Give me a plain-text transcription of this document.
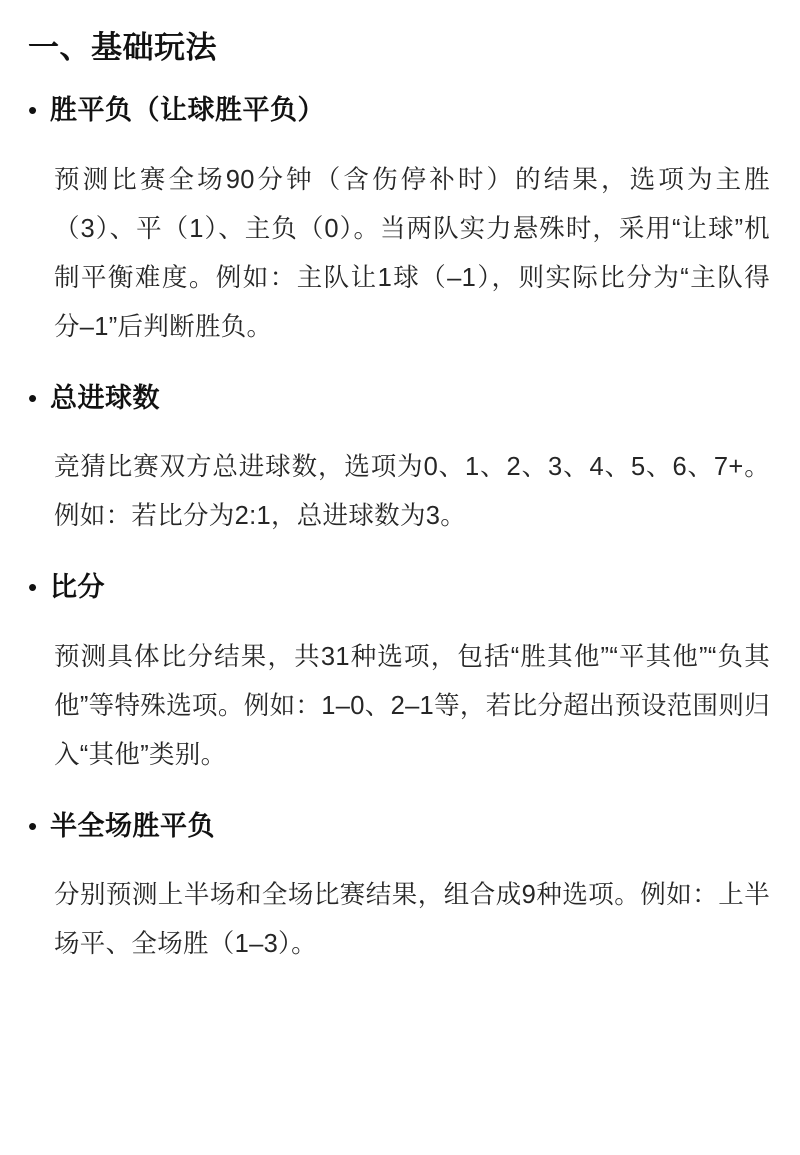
一、基础玩法
• 胜平负（让球胜平负）

预测比赛全场90分钟（含伤停补时）的结果，选项为主胜（3）、平（1）、主负（0）。当两队实力悬殊时，采用“让球”机制平衡难度。例如：主队让1球（–1），则实际比分为“主队得分–1”后判断胜负。

• 总进球数

竞猜比赛双方总进球数，选项为0、1、2、3、4、5、6、7+。例如：若比分为2:1，总进球数为3。

• 比分

预测具体比分结果，共31种选项，包括“胜其他”“平其他”“负其他”等特殊选项。例如：1–0、2–1等，若比分超出预设范围则归入“其他”类别。

• 半全场胜平负

分别预测上半场和全场比赛结果，组合成9种选项。例如：上半场平、全场胜（1–3）。
